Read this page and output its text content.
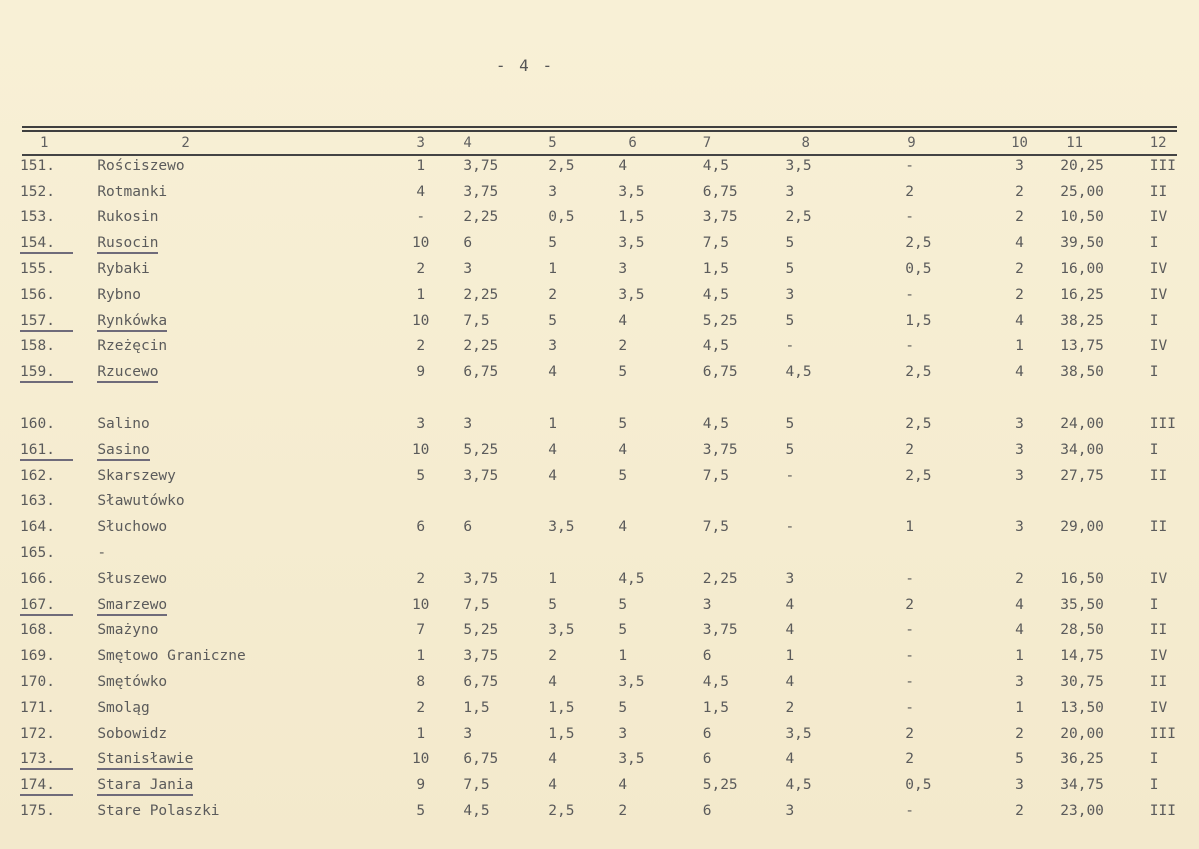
- 4 -
1	2	3	4	5	6	7	8	9	10	11	12
151.	Rościszewo	1	3,75	2,5	4	4,5	3,5	-	3	20,25	III
152.	Rotmanki	4	3,75	3	3,5	6,75	3	2	2	25,00	II
153.	Rukosin	-	2,25	0,5	1,5	3,75	2,5	-	2	10,50	IV
154.	Rusocin	10	6	5	3,5	7,5	5	2,5	4	39,50	I
155.	Rybaki	2	3	1	3	1,5	5	0,5	2	16,00	IV
156.	Rybno	1	2,25	2	3,5	4,5	3	-	2	16,25	IV
157.	Rynkówka	10	7,5	5	4	5,25	5	1,5	4	38,25	I
158.	Rzeżęcin	2	2,25	3	2	4,5	-	-	1	13,75	IV
159.	Rzucewo	9	6,75	4	5	6,75	4,5	2,5	4	38,50	I

160.	Salino	3	3	1	5	4,5	5	2,5	3	24,00	III
161.	Sasino	10	5,25	4	4	3,75	5	2	3	34,00	I
162.	Skarszewy	5	3,75	4	5	7,5	-	2,5	3	27,75	II
163.	Sławutówko										
164.	Słuchowo	6	6	3,5	4	7,5	-	1	3	29,00	II
165.	-										
166.	Słuszewo	2	3,75	1	4,5	2,25	3	-	2	16,50	IV
167.	Smarzewo	10	7,5	5	5	3	4	2	4	35,50	I
168.	Smażyno	7	5,25	3,5	5	3,75	4	-	4	28,50	II
169.	Smętowo Graniczne	1	3,75	2	1	6	1	-	1	14,75	IV
170.	Smętówko	8	6,75	4	3,5	4,5	4	-	3	30,75	II
171.	Smoląg	2	1,5	1,5	5	1,5	2	-	1	13,50	IV
172.	Sobowidz	1	3	1,5	3	6	3,5	2	2	20,00	III
173.	Stanisławie	10	6,75	4	3,5	6	4	2	5	36,25	I
174.	Stara Jania	9	7,5	4	4	5,25	4,5	0,5	3	34,75	I
175.	Stare Polaszki	5	4,5	2,5	2	6	3	-	2	23,00	III
